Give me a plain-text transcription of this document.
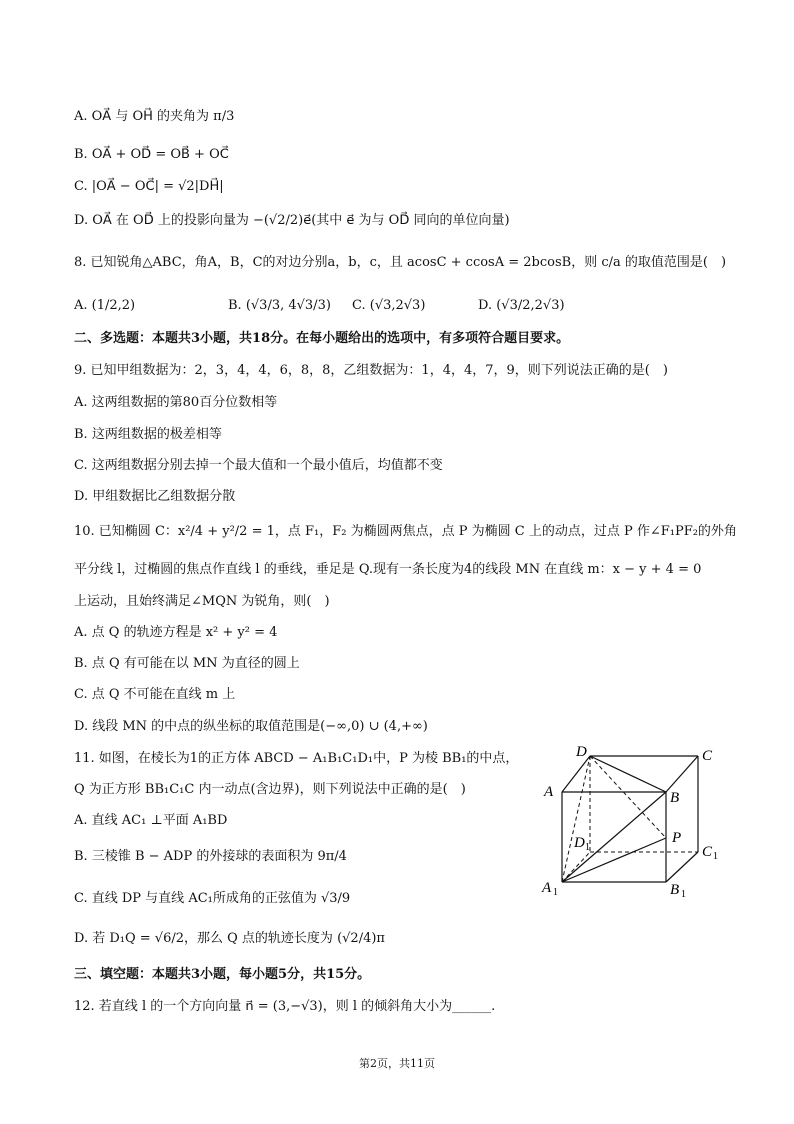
A. OA⃗ 与 OH⃗ 的夹角为 π/3
B. OA⃗ + OD⃗ = OB⃗ + OC⃗
C. |OA⃗ − OC⃗| = √2|DH⃗|
D. OA⃗ 在 OD⃗ 上的投影向量为 −(√2/2)e⃗(其中 e⃗ 为与 OD⃗ 同向的单位向量)
8. 已知锐角△ABC，角A，B，C的对边分别a，b，c，且 acosC + ccosA = 2bcosB，则 c/a 的取值范围是(　)
二、多选题：本题共3小题，共18分。在每小题给出的选项中，有多项符合题目要求。
9. 已知甲组数据为：2，3，4，4，6，8，8，乙组数据为：1，4，4，7，9，则下列说法正确的是(　)
A. 这两组数据的第80百分位数相等
B. 这两组数据的极差相等
C. 这两组数据分别去掉一个最大值和一个最小值后，均值都不变
D. 甲组数据比乙组数据分散
10. 已知椭圆 C：x²/4 + y²/2 = 1，点 F₁，F₂ 为椭圆两焦点，点 P 为椭圆 C 上的动点，过点 P 作∠F₁PF₂的外角
平分线 l，过椭圆的焦点作直线 l 的垂线，垂足是 Q.现有一条长度为4的线段 MN 在直线 m：x − y + 4 = 0
上运动，且始终满足∠MQN 为锐角，则(　)
A. 点 Q 的轨迹方程是 x² + y² = 4
B. 点 Q 有可能在以 MN 为直径的圆上
C. 点 Q 不可能在直线 m 上
D. 线段 MN 的中点的纵坐标的取值范围是(−∞,0) ∪ (4,+∞)
11. 如图，在棱长为1的正方体 ABCD − A₁B₁C₁D₁中，P 为棱 BB₁的中点，
Q 为正方形 BB₁C₁C 内一动点(含边界)，则下列说法中正确的是(　)
A. 直线 AC₁ ⊥平面 A₁BD
B. 三棱锥 B − ADP 的外接球的表面积为 9π/4
C. 直线 DP 与直线 AC₁所成角的正弦值为 √3/9
D. 若 D₁Q = √6/2，那么 Q 点的轨迹长度为 (√2/4)π
三、填空题：本题共3小题，每小题5分，共15分。
12. 若直线 l 的一个方向向量 n⃗ = (3,−√3)，则 l 的倾斜角大小为______.
A. (1/2,2)	B. (√3/3, 4√3/3) C. (√3,2√3)	D. (√3/2,2√3)
D	C
A	B
P
D 1	C 1
A 1	B 1
第2页，共11页
